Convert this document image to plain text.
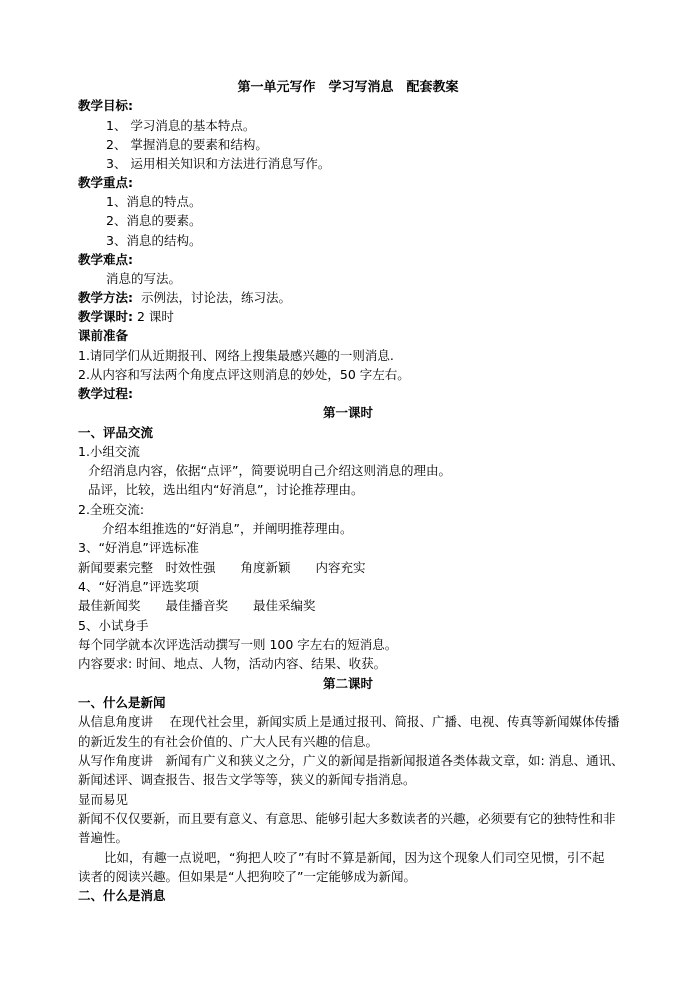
第一单元写作　学习写消息　配套教案
教学目标:
1、 学习消息的基本特点。
2、 掌握消息的要素和结构。
3、 运用相关知识和方法进行消息写作。
教学重点:
1、消息的特点。
2、消息的要素。
3、消息的结构。
教学难点:
消息的写法。
教学方法: 示例法，讨论法，练习法。
教学课时: 2 课时
课前准备
1.请同学们从近期报刊、网络上搜集最感兴趣的一则消息.
2.从内容和写法两个角度点评这则消息的妙处，50 字左右。
教学过程:
第一课时
一、评品交流
1.小组交流
介绍消息内容，依据“点评”，简要说明自己介绍这则消息的理由。
品评，比较，选出组内“好消息”，讨论推荐理由。
2.全班交流:
介绍本组推选的“好消息”，并阐明推荐理由。
3、“好消息”评选标准
新闻要素完整　时效性强　　角度新颖　　内容充实
4、“好消息”评选奖项
最佳新闻奖　　最佳播音奖　　最佳采编奖
5、小试身手
每个同学就本次评选活动撰写一则 100 字左右的短消息。
内容要求: 时间、地点、人物，活动内容、结果、收获。
第二课时
一、什么是新闻
从信息角度讲　 在现代社会里，新闻实质上是通过报刊、简报、广播、电视、传真等新闻媒体传播
的新近发生的有社会价值的、广大人民有兴趣的信息。
从写作角度讲　新闻有广义和狭义之分，广义的新闻是指新闻报道各类体裁文章，如: 消息、通讯、
新闻述评、调查报告、报告文学等等，狭义的新闻专指消息。
显而易见
新闻不仅仅要新，而且要有意义、有意思、能够引起大多数读者的兴趣，必须要有它的独特性和非
普遍性。
比如，有趣一点说吧，“狗把人咬了”有时不算是新闻，因为这个现象人们司空见惯，引不起
读者的阅读兴趣。但如果是“人把狗咬了”一定能够成为新闻。
二、什么是消息
